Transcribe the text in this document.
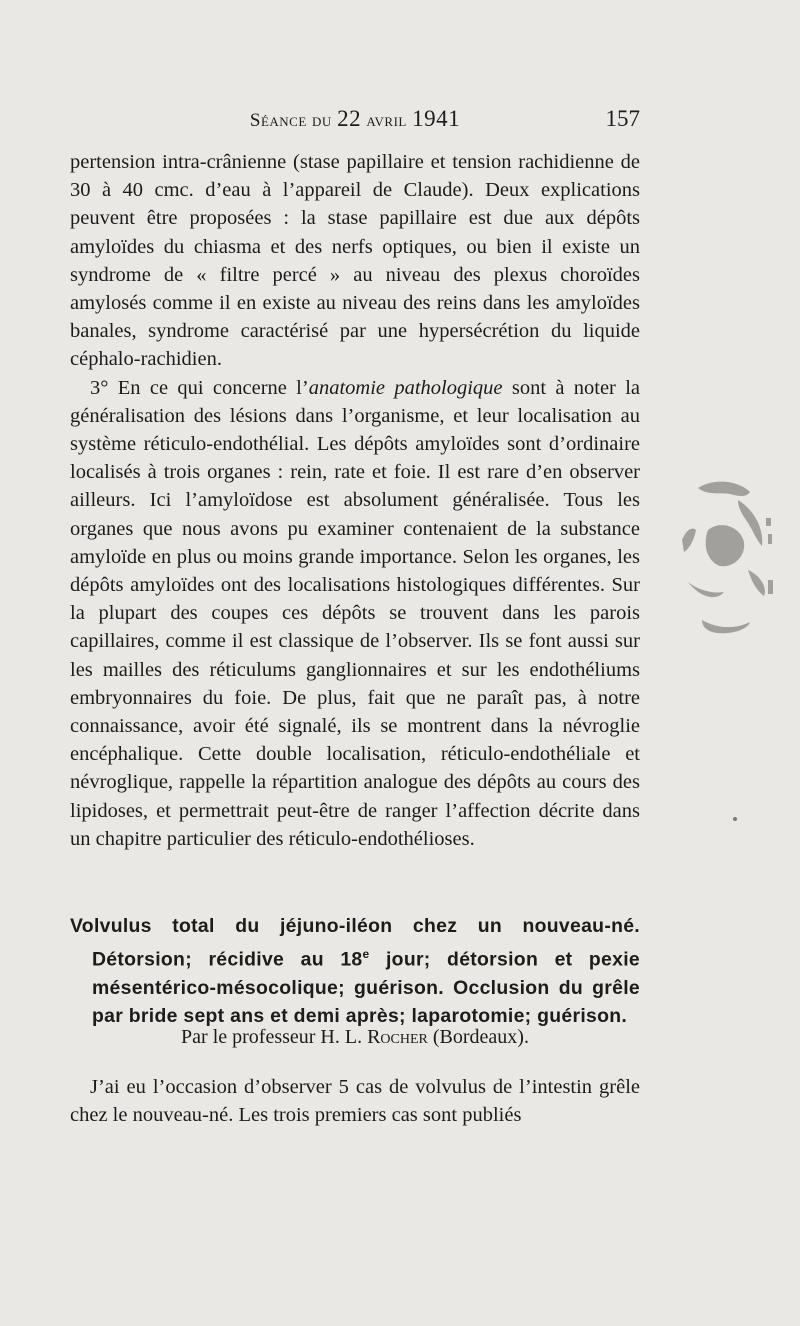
Séance du 22 avril 1941	157

pertension intra-crânienne (stase papillaire et tension rachidienne de 30 à 40 cmc. d’eau à l’appareil de Claude). Deux explications peuvent être proposées : la stase papillaire est due aux dépôts amyloïdes du chiasma et des nerfs optiques, ou bien il existe un syndrome de « filtre percé » au niveau des plexus choroïdes amylosés comme il en existe au niveau des reins dans les amyloïdes banales, syndrome caractérisé par une hypersécrétion du liquide céphalo-rachidien.

3° En ce qui concerne l’anatomie pathologique sont à noter la généralisation des lésions dans l’organisme, et leur localisation au système réticulo-endothélial. Les dépôts amyloïdes sont d’ordinaire localisés à trois organes : rein, rate et foie. Il est rare d’en observer ailleurs. Ici l’amyloïdose est absolument généralisée. Tous les organes que nous avons pu examiner contenaient de la substance amyloïde en plus ou moins grande importance. Selon les organes, les dépôts amyloïdes ont des localisations histologiques différentes. Sur la plupart des coupes ces dépôts se trouvent dans les parois capillaires, comme il est classique de l’observer. Ils se font aussi sur les mailles des réticulums ganglionnaires et sur les endothéliums embryonnaires du foie. De plus, fait que ne paraît pas, à notre connaissance, avoir été signalé, ils se montrent dans la névroglie encéphalique. Cette double localisation, réticulo-endothéliale et névroglique, rappelle la répartition analogue des dépôts au cours des lipidoses, et permettrait peut-être de ranger l’affection décrite dans un chapitre particulier des réticulo-endothélioses.

Volvulus total du jéjuno-iléon chez un nouveau-né. Détorsion; récidive au 18e jour; détorsion et pexie mésentérico-mésocolique; guérison. Occlusion du grêle par bride sept ans et demi après; laparotomie; guérison.
Par le professeur H. L. Rocher (Bordeaux).

J’ai eu l’occasion d’observer 5 cas de volvulus de l’intestin grêle chez le nouveau-né. Les trois premiers cas sont publiés
